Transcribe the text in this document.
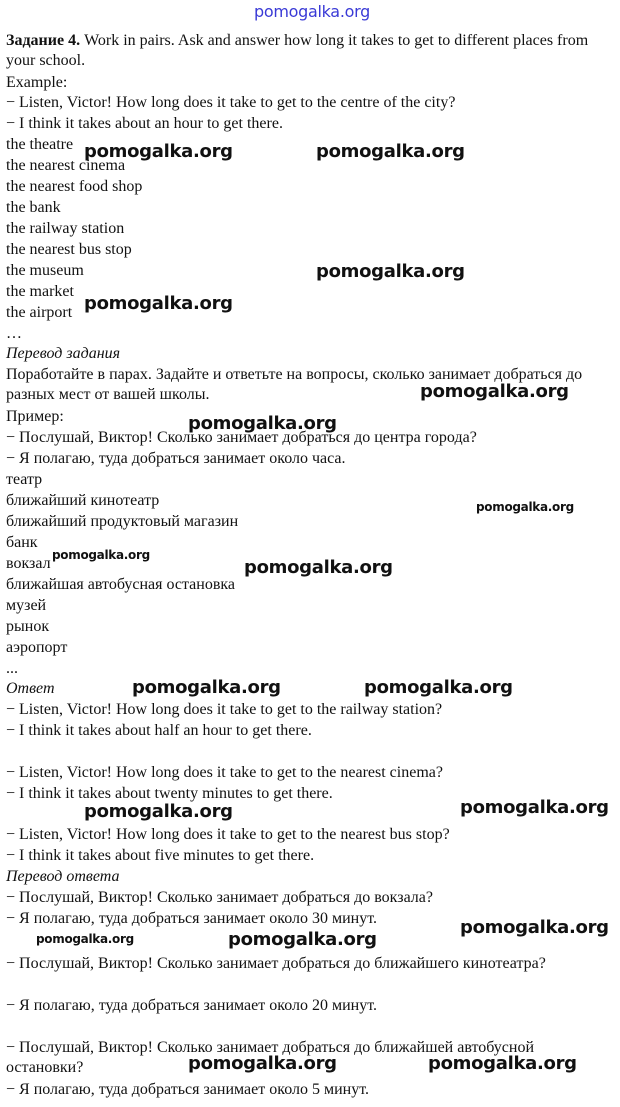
pomogalka.org
Задание 4. Work in pairs. Ask and answer how long it takes to get to different places from your school.
Example:
− Listen, Victor! How long does it take to get to the centre of the city?
− I think it takes about an hour to get there.
the theatre
the nearest cinema
the nearest food shop
the bank
the railway station
the nearest bus stop
the museum
the market
the airport
…
Перевод задания
Поработайте в парах. Задайте и ответьте на вопросы, сколько занимает добраться до разных мест от вашей школы.
Пример:
− Послушай, Виктор! Сколько занимает добраться до центра города?
− Я полагаю, туда добраться занимает около часа.
театр
ближайший кинотеатр
ближайший продуктовый магазин
банк
вокзал
ближайшая автобусная остановка
музей
рынок
аэропорт
...
Ответ
− Listen, Victor! How long does it take to get to the railway station?
− I think it takes about half an hour to get there.
− Listen, Victor! How long does it take to get to the nearest cinema?
− I think it takes about twenty minutes to get there.
− Listen, Victor! How long does it take to get to the nearest bus stop?
− I think it takes about five minutes to get there.
Перевод ответа
− Послушай, Виктор! Сколько занимает добраться до вокзала?
− Я полагаю, туда добраться занимает около 30 минут.
− Послушай, Виктор! Сколько занимает добраться до ближайшего кинотеатра?
− Я полагаю, туда добраться занимает около 20 минут.
− Послушай, Виктор! Сколько занимает добраться до ближайшей автобусной остановки?
− Я полагаю, туда добраться занимает около 5 минут.
pomogalka.org	pomogalka.org
pomogalka.org
pomogalka.org
pomogalka.org
pomogalka.org
pomogalka.org
pomogalka.org
pomogalka.org
pomogalka.org	pomogalka.org
pomogalka.org
pomogalka.org
pomogalka.org
pomogalka.org	pomogalka.org
pomogalka.org	pomogalka.org
